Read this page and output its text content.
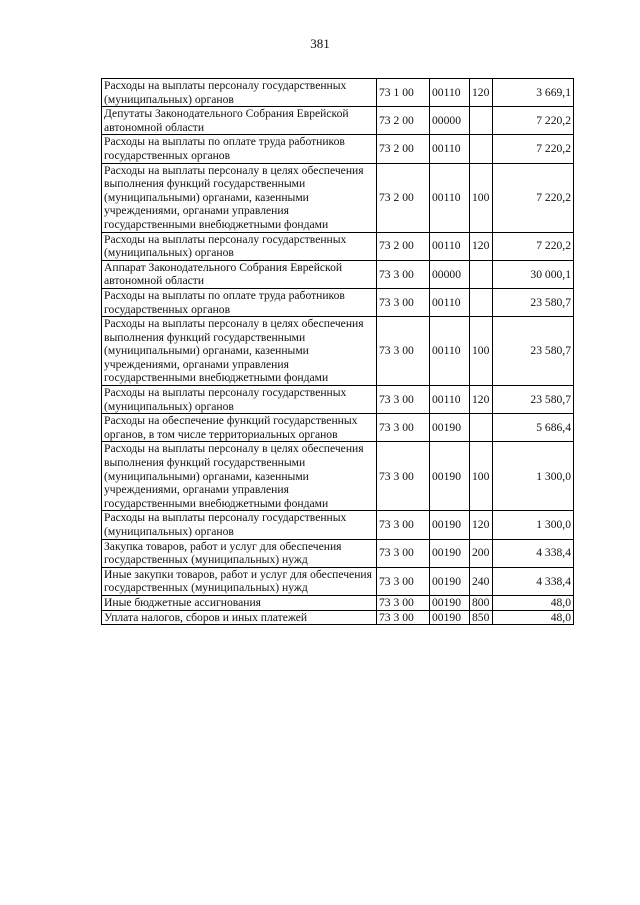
381
Расходы на выплаты персоналу государственных (муниципальных) органов	73 1 00	00110	120	3 669,1
Депутаты Законодательного Собрания Еврейской автономной области	73 2 00	00000		7 220,2
Расходы на выплаты по оплате труда работников государственных органов	73 2 00	00110		7 220,2
Расходы на выплаты персоналу в целях обеспечения выполнения функций государственными (муниципальными) органами, казенными учреждениями, органами управления государственными внебюджетными фондами	73 2 00	00110	100	7 220,2
Расходы на выплаты персоналу государственных (муниципальных) органов	73 2 00	00110	120	7 220,2
Аппарат Законодательного Собрания Еврейской автономной области	73 3 00	00000		30 000,1
Расходы на выплаты по оплате труда работников государственных органов	73 3 00	00110		23 580,7
Расходы на выплаты персоналу в целях обеспечения выполнения функций государственными (муниципальными) органами, казенными учреждениями, органами управления государственными внебюджетными фондами	73 3 00	00110	100	23 580,7
Расходы на выплаты персоналу государственных (муниципальных) органов	73 3 00	00110	120	23 580,7
Расходы на обеспечение функций государственных органов, в том числе территориальных органов	73 3 00	00190		5 686,4
Расходы на выплаты персоналу в целях обеспечения выполнения функций государственными (муниципальными) органами, казенными учреждениями, органами управления государственными внебюджетными фондами	73 3 00	00190	100	1 300,0
Расходы на выплаты персоналу государственных (муниципальных) органов	73 3 00	00190	120	1 300,0
Закупка товаров, работ и услуг для обеспечения государственных (муниципальных) нужд	73 3 00	00190	200	4 338,4
Иные закупки товаров, работ и услуг для обеспечения государственных (муниципальных) нужд	73 3 00	00190	240	4 338,4
Иные бюджетные ассигнования	73 3 00	00190	800	48,0
Уплата налогов, сборов и иных платежей	73 3 00	00190	850	48,0
